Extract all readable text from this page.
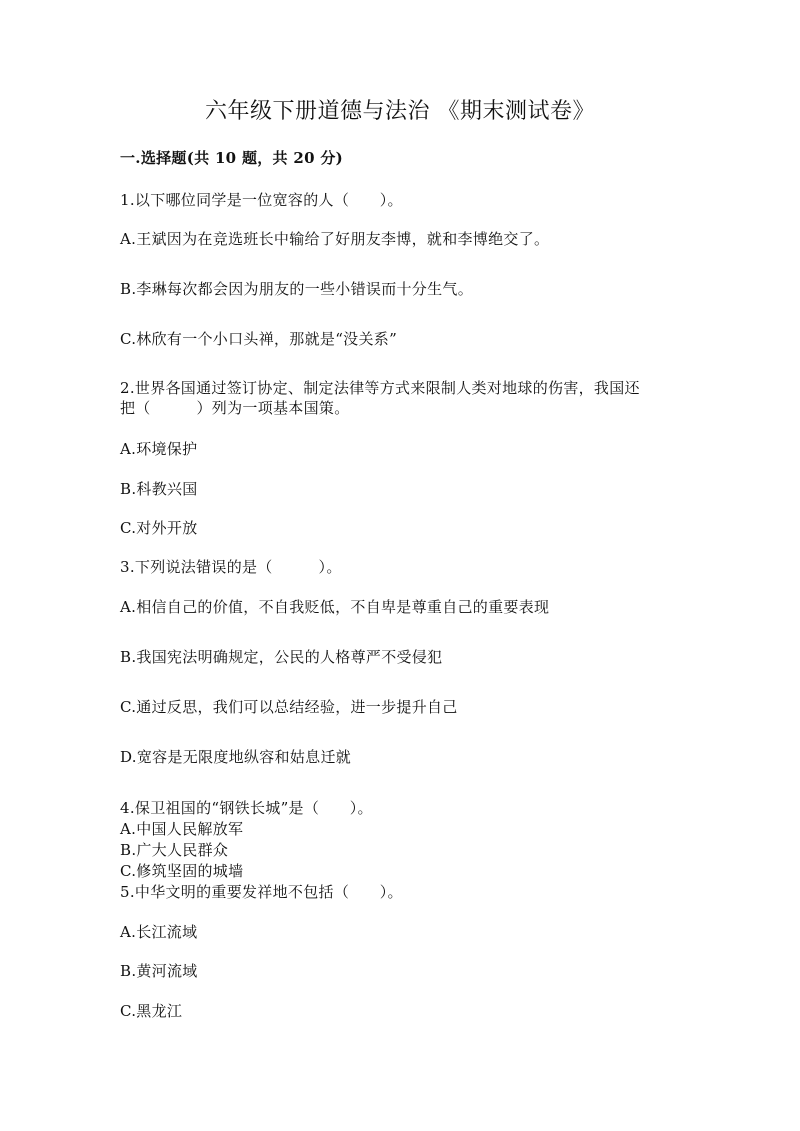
六年级下册道德与法治 《期末测试卷》
一.选择题(共 10 题，共 20 分)
1.以下哪位同学是一位宽容的人（　　）。
A.王斌因为在竞选班长中输给了好朋友李博，就和李博绝交了。
B.李琳每次都会因为朋友的一些小错误而十分生气。
C.林欣有一个小口头禅，那就是“没关系”
2.世界各国通过签订协定、制定法律等方式来限制人类对地球的伤害，我国还
把（　　　）列为一项基本国策。
A.环境保护
B.科教兴国
C.对外开放
3.下列说法错误的是（　　　）。
A.相信自己的价值，不自我贬低，不自卑是尊重自己的重要表现
B.我国宪法明确规定，公民的人格尊严不受侵犯
C.通过反思，我们可以总结经验，进一步提升自己
D.宽容是无限度地纵容和姑息迁就
4.保卫祖国的“钢铁长城”是（　　）。
A.中国人民解放军
B.广大人民群众
C.修筑坚固的城墙
5.中华文明的重要发祥地不包括（　　）。
A.长江流域
B.黄河流域
C.黑龙江
